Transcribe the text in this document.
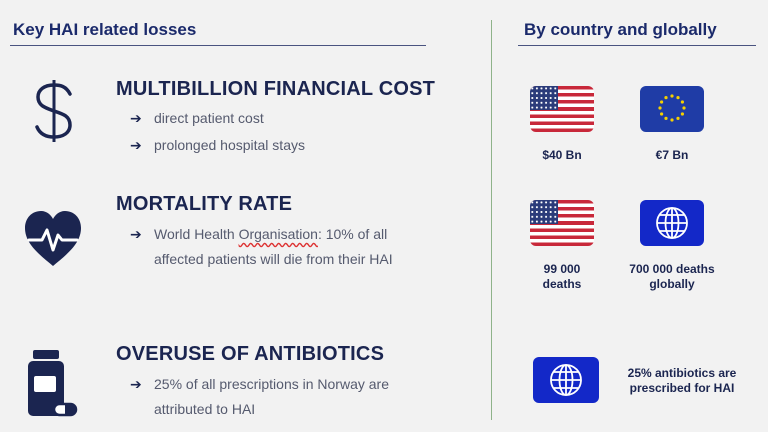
Key HAI related losses	By country and globally
MULTIBILLION FINANCIAL COST
➔ direct patient cost
➔ prolonged hospital stays
MORTALITY RATE
➔ World Health Organisation: 10% of all
affected patients will die from their HAI
OVERUSE OF ANTIBIOTICS
➔ 25% of all prescriptions in Norway are
attributed to HAI
$40 Bn	€7 Bn
99 000
deaths
700 000 deaths
globally
25% antibiotics are
prescribed for HAI
